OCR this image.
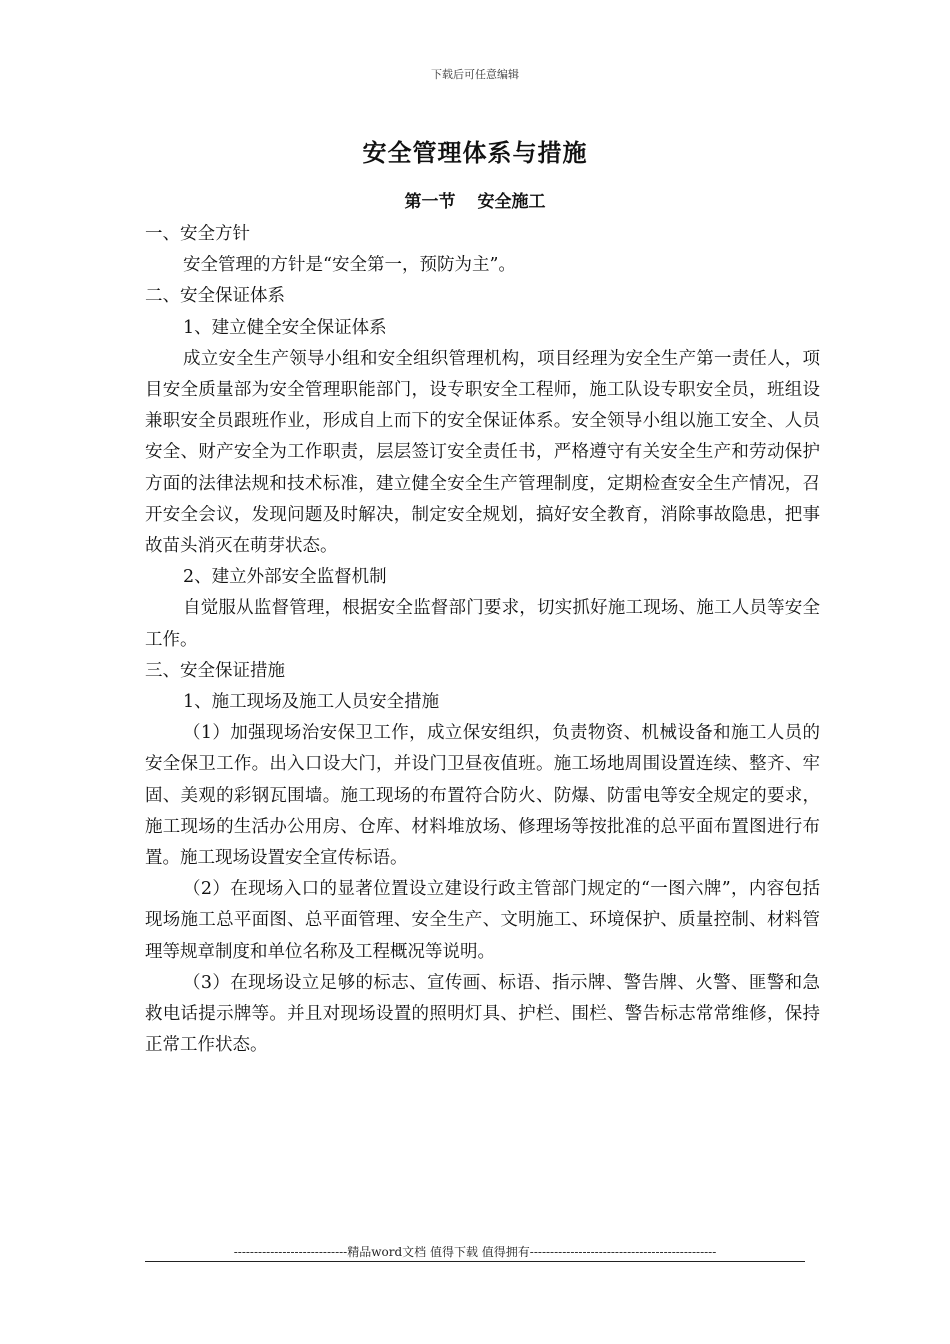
下载后可任意编辑
安全管理体系与措施
第一节 安全施工

一、安全方针

安全管理的方针是“安全第一，预防为主”。

二、安全保证体系

1、建立健全安全保证体系

成立安全生产领导小组和安全组织管理机构，项目经理为安全生产第一责任人，项目安全质量部为安全管理职能部门，设专职安全工程师，施工队设专职安全员，班组设兼职安全员跟班作业，形成自上而下的安全保证体系。安全领导小组以施工安全、人员安全、财产安全为工作职责，层层签订安全责任书，严格遵守有关安全生产和劳动保护方面的法律法规和技术标准，建立健全安全生产管理制度，定期检查安全生产情况，召开安全会议，发现问题及时解决，制定安全规划，搞好安全教育，消除事故隐患，把事故苗头消灭在萌芽状态。

2、建立外部安全监督机制

自觉服从监督管理，根据安全监督部门要求，切实抓好施工现场、施工人员等安全工作。

三、安全保证措施

1、施工现场及施工人员安全措施

（1）加强现场治安保卫工作，成立保安组织，负责物资、机械设备和施工人员的安全保卫工作。出入口设大门，并设门卫昼夜值班。施工场地周围设置连续、整齐、牢固、美观的彩钢瓦围墙。施工现场的布置符合防火、防爆、防雷电等安全规定的要求，施工现场的生活办公用房、仓库、材料堆放场、修理场等按批准的总平面布置图进行布置。施工现场设置安全宣传标语。

（2）在现场入口的显著位置设立建设行政主管部门规定的“一图六牌”，内容包括现场施工总平面图、总平面管理、安全生产、文明施工、环境保护、质量控制、材料管理等规章制度和单位名称及工程概况等说明。

（3）在现场设立足够的标志、宣传画、标语、指示牌、警告牌、火警、匪警和急救电话提示牌等。并且对现场设置的照明灯具、护栏、围栏、警告标志常常维修，保持正常工作状态。

----------------------------精品word文档 值得下载 值得拥有----------------------------------------------
